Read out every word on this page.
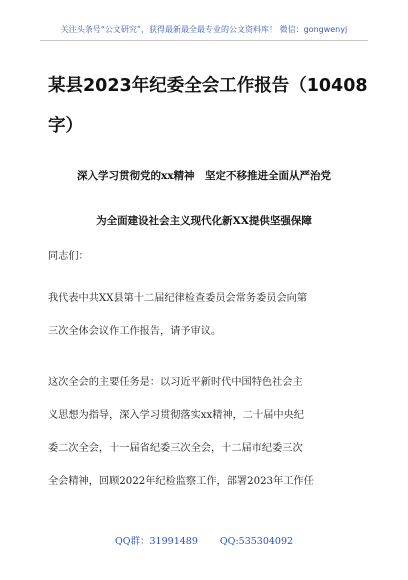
关注头条号“公文研究”，获得最新最全最专业的公文资料库！ 微信：gongwenyj
某县2023年纪委全会工作报告（10408
字）
深入学习贯彻党的xx精神　坚定不移推进全面从严治党
为全面建设社会主义现代化新XX提供坚强保障
同志们：
我代表中共XX县第十二届纪律检查委员会常务委员会向第
三次全体会议作工作报告，请予审议。
这次全会的主要任务是：以习近平新时代中国特色社会主
义思想为指导，深入学习贯彻落实xx精神，二十届中央纪
委二次全会，十一届省纪委三次全会，十二届市纪委三次
全会精神，回顾2022年纪检监察工作，部署2023年工作任
QQ群：31991489 QQ:535304092
